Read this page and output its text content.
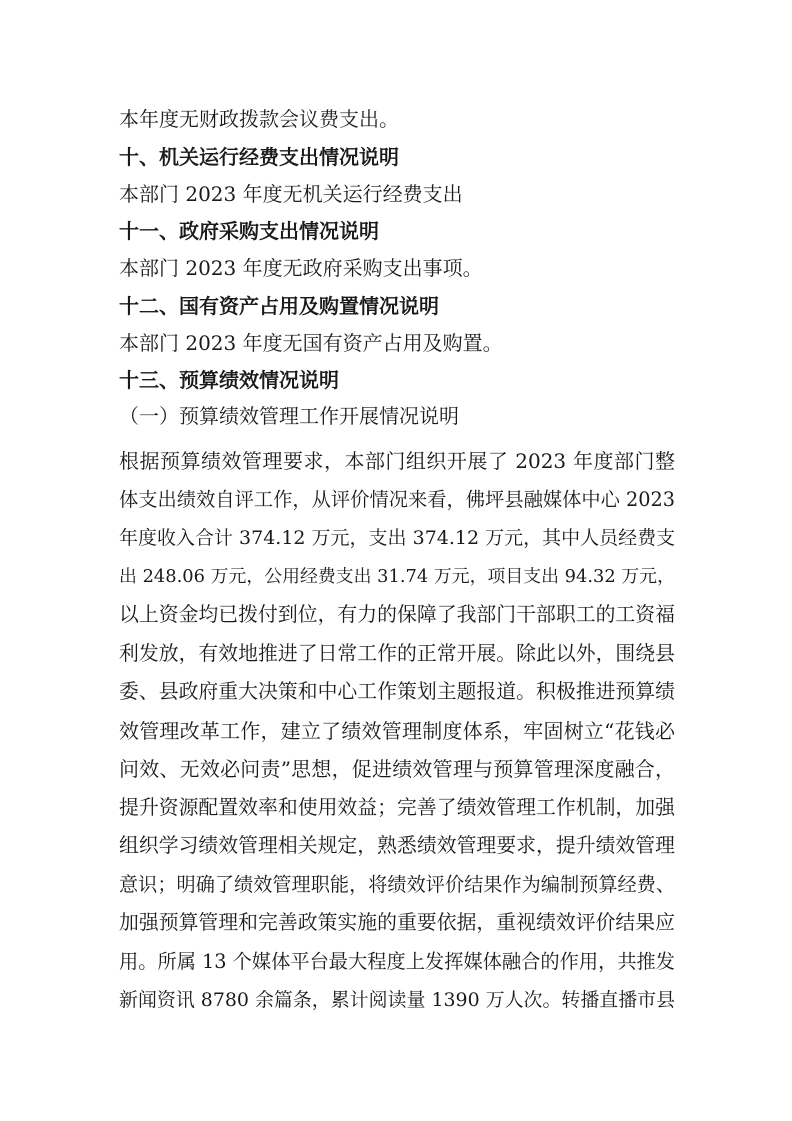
本年度无财政拨款会议费支出。

十、机关运行经费支出情况说明

本部门 2023 年度无机关运行经费支出

十一、政府采购支出情况说明

本部门 2023 年度无政府采购支出事项。

十二、国有资产占用及购置情况说明

本部门 2023 年度无国有资产占用及购置。

十三、预算绩效情况说明

（一）预算绩效管理工作开展情况说明

根据预算绩效管理要求，本部门组织开展了 2023 年度部门整
体支出绩效自评工作，从评价情况来看，佛坪县融媒体中心 2023
年度收入合计 374.12 万元，支出 374.12 万元，其中人员经费支
出 248.06 万元，公用经费支出 31.74 万元，项目支出 94.32 万元，
以上资金均已拨付到位，有力的保障了我部门干部职工的工资福
利发放，有效地推进了日常工作的正常开展。除此以外，围绕县
委、县政府重大决策和中心工作策划主题报道。积极推进预算绩
效管理改革工作，建立了绩效管理制度体系，牢固树立“花钱必
问效、无效必问责”思想，促进绩效管理与预算管理深度融合，
提升资源配置效率和使用效益；完善了绩效管理工作机制，加强
组织学习绩效管理相关规定，熟悉绩效管理要求，提升绩效管理
意识；明确了绩效管理职能，将绩效评价结果作为编制预算经费、
加强预算管理和完善政策实施的重要依据，重视绩效评价结果应
用。所属 13 个媒体平台最大程度上发挥媒体融合的作用，共推发
新闻资讯 8780 余篇条，累计阅读量 1390 万人次。转播直播市县
